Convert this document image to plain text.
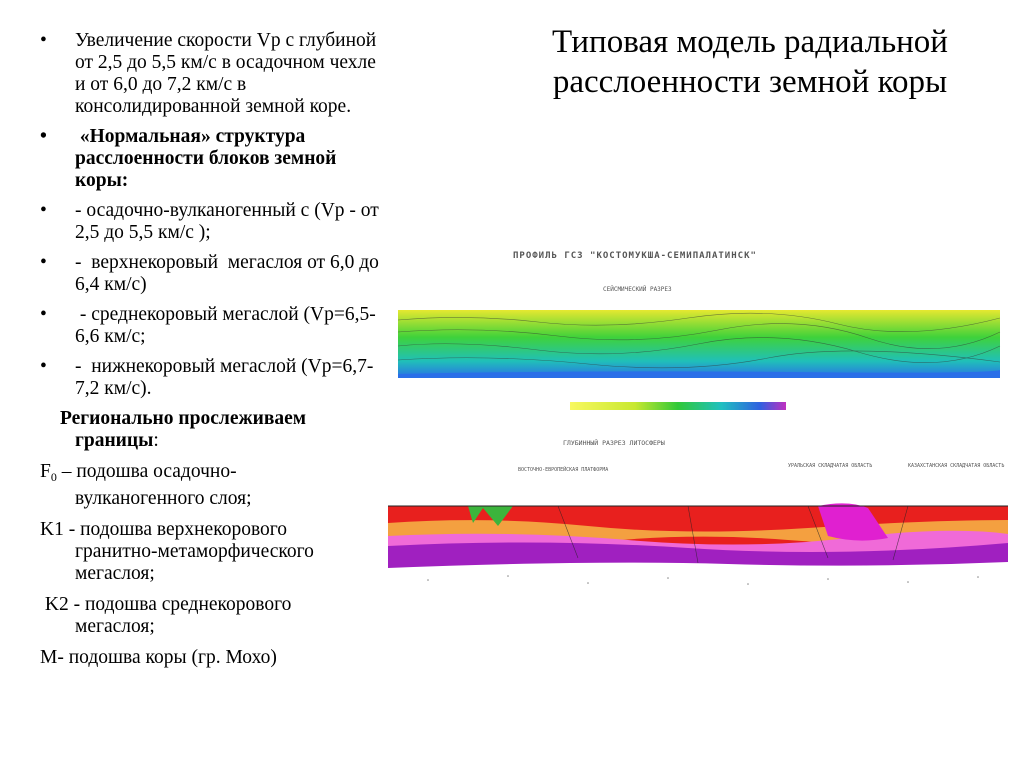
Типовая модель радиальной расслоенности земной коры
• Увеличение скорости Vp с глубиной от 2,5 до 5,5 км/с в осадочном чехле и от 6,0 до 7,2 км/с в консолидированной земной коре.
•  «Нормальная» структура расслоенности блоков земной коры:
• - осадочно-вулканогенный с (Vp - от 2,5 до 5,5 км/с );
• -  верхнекоровый  мегаслоя от 6,0 до 6,4 км/с)
•  - среднекоровый мегаслой (Vp=6,5-6,6 км/с;
• -  нижнекоровый мегаслой (Vp=6,7-7,2 км/с).
Регионально прослеживаем
границы:
$F_0$ – подошва осадочно-
вулканогенного слоя;
K1 - подошва верхнекорового
гранитно-метаморфического мегаслоя;
K2 - подошва среднекорового
мегаслоя;
М- подошва коры (гр. Мохо)
ПРОФИЛЬ ГСЗ "КОСТОМУКША-СЕМИПАЛАТИНСК"
СЕЙСМИЧЕСКИЙ РАЗРЕЗ
ГЛУБИННЫЙ РАЗРЕЗ ЛИТОСФЕРЫ
ВОСТОЧНО-ЕВРОПЕЙСКАЯ ПЛАТФОРМА
УРАЛЬСКАЯ СКЛАДЧАТАЯ ОБЛАСТЬ	КАЗАХСТАНСКАЯ СКЛАДЧАТАЯ ОБЛАСТЬ
